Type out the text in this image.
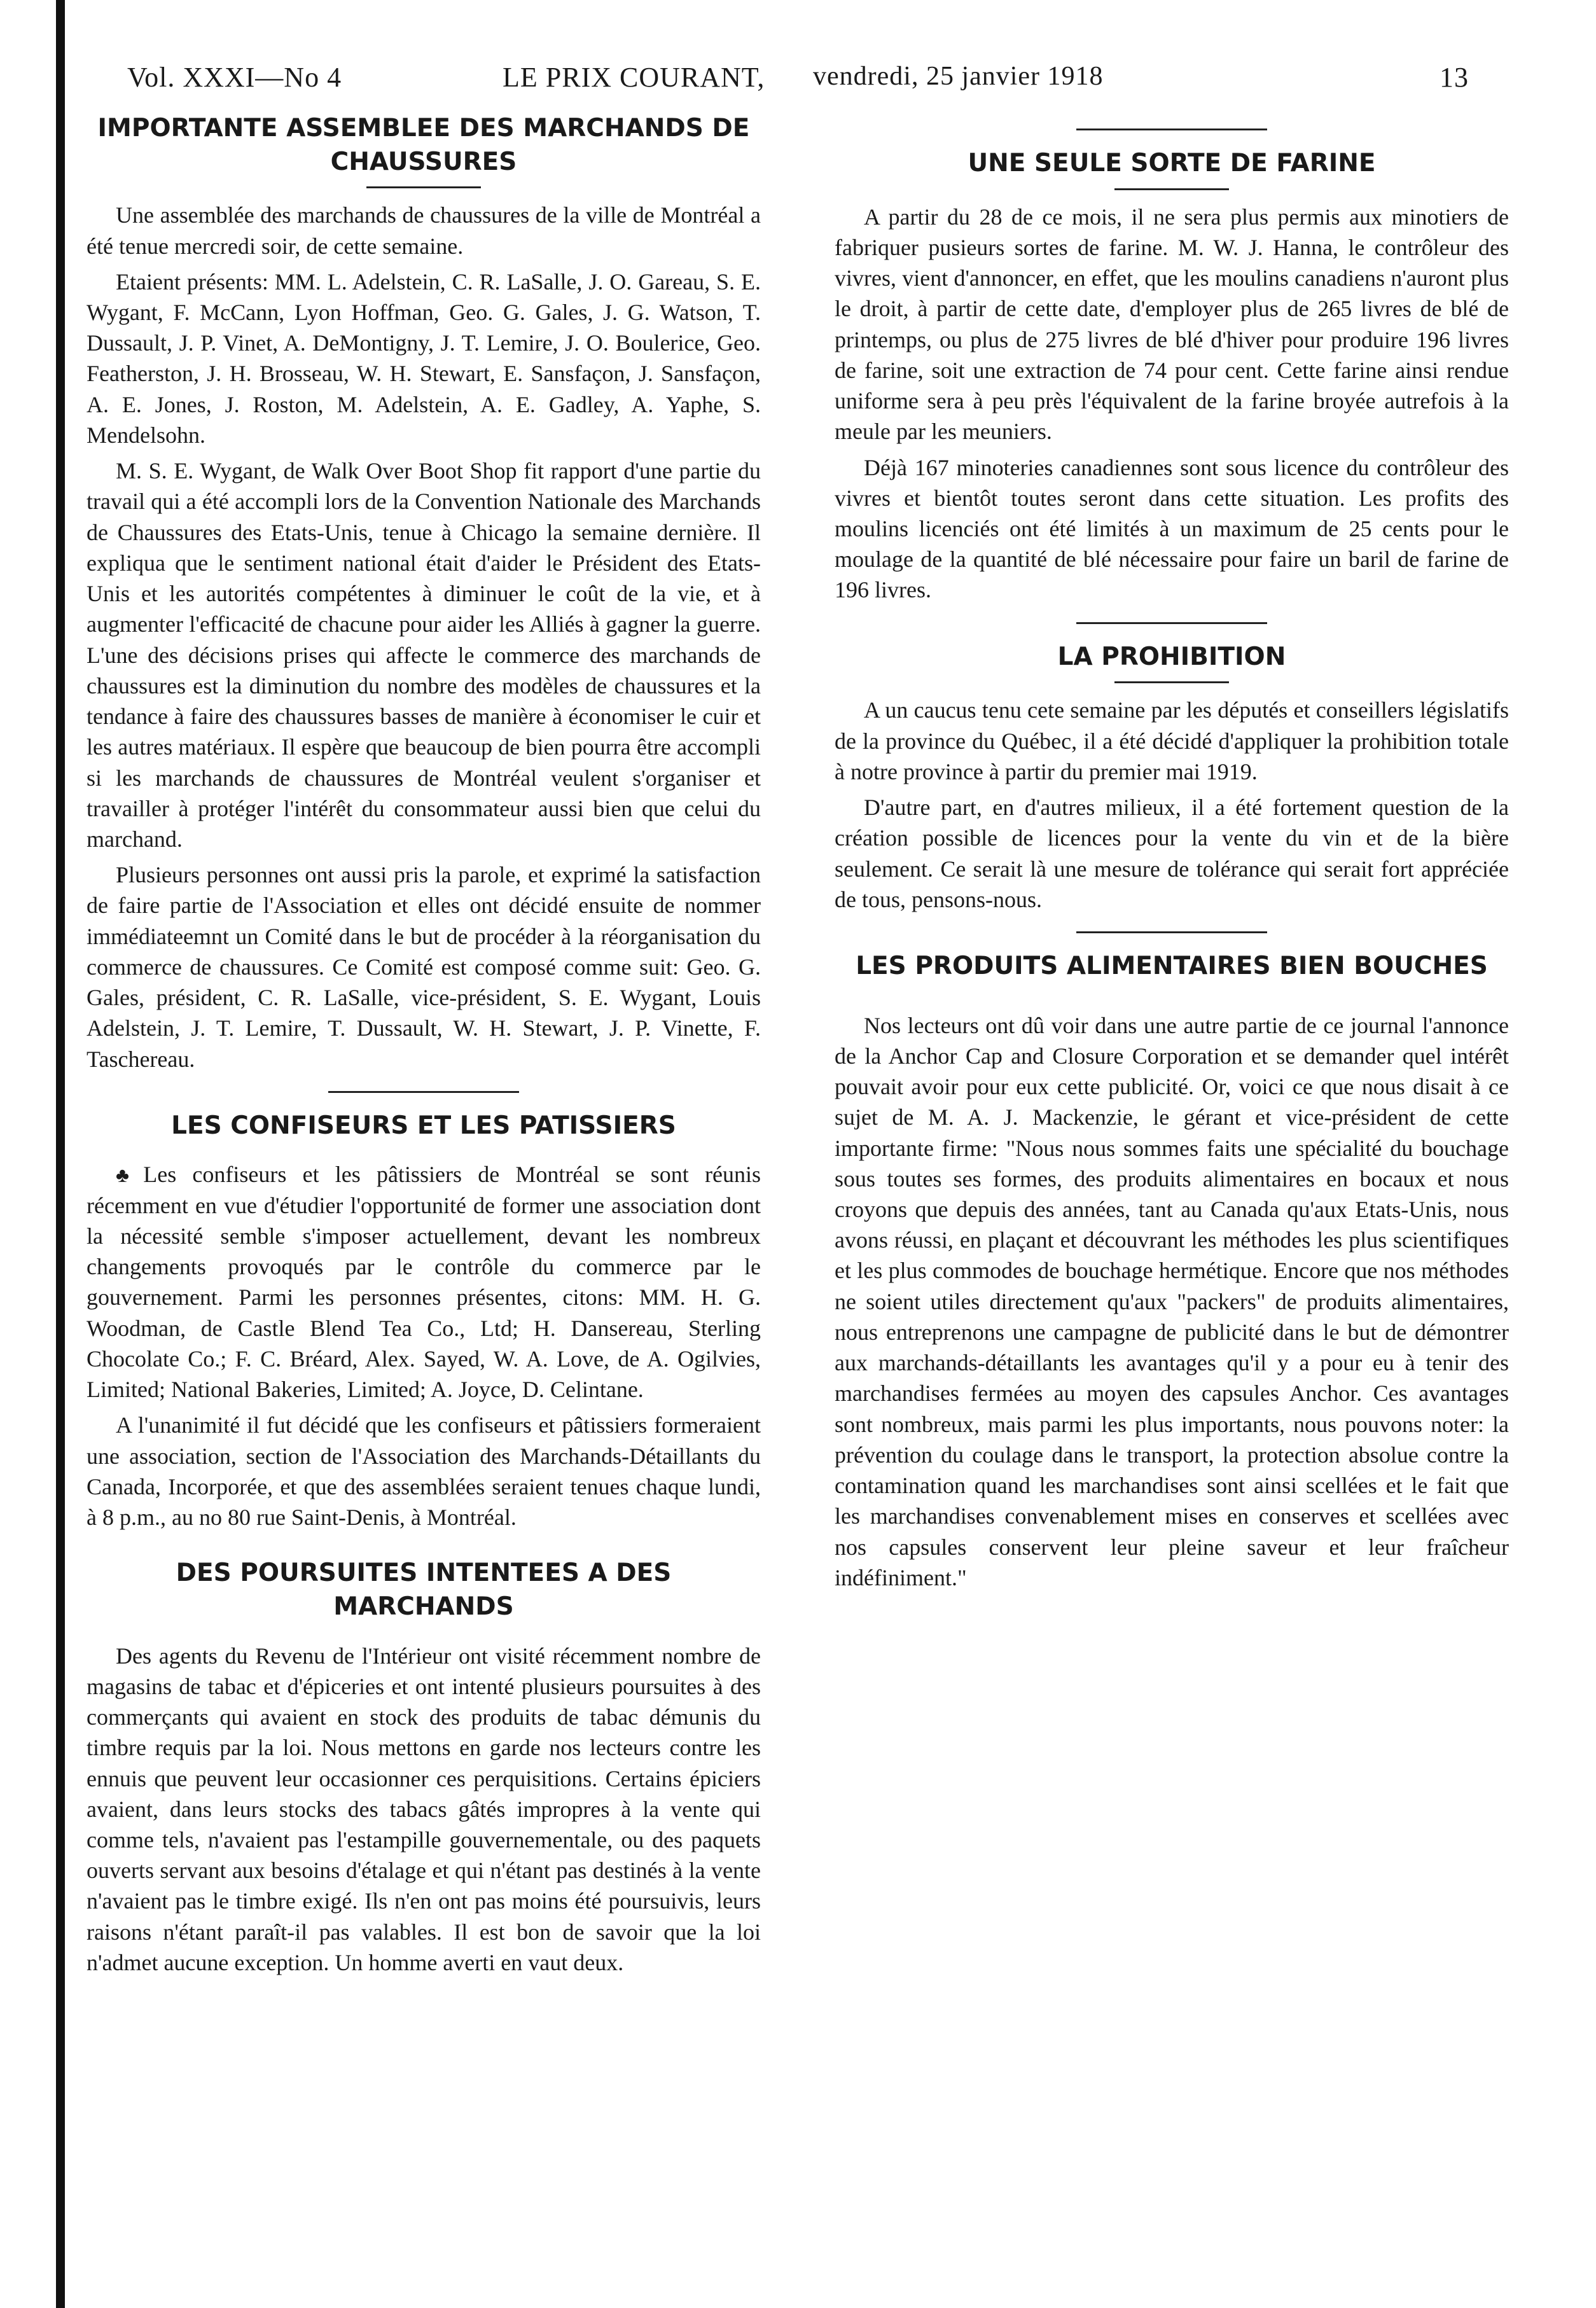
Vol. XXXI—No 4	LE PRIX COURANT, vendredi, 25 janvier 1918	13
IMPORTANTE ASSEMBLEE DES MARCHANDS DE CHAUSSURES

Une assemblée des marchands de chaussures de la ville de Montréal a été tenue mercredi soir, de cette semaine.

Etaient présents: MM. L. Adelstein, C. R. LaSalle, J. O. Gareau, S. E. Wygant, F. McCann, Lyon Hoffman, Geo. G. Gales, J. G. Watson, T. Dussault, J. P. Vinet, A. DeMontigny, J. T. Lemire, J. O. Boulerice, Geo. Featherston, J. H. Brosseau, W. H. Stewart, E. Sansfaçon, J. Sansfaçon, A. E. Jones, J. Roston, M. Adelstein, A. E. Gadley, A. Yaphe, S. Mendelsohn.

M. S. E. Wygant, de Walk Over Boot Shop fit rapport d'une partie du travail qui a été accompli lors de la Convention Nationale des Marchands de Chaussures des Etats-Unis, tenue à Chicago la semaine dernière. Il expliqua que le sentiment national était d'aider le Président des Etats-Unis et les autorités compétentes à diminuer le coût de la vie, et à augmenter l'efficacité de chacune pour aider les Alliés à gagner la guerre. L'une des décisions prises qui affecte le commerce des marchands de chaussures est la diminution du nombre des modèles de chaussures et la tendance à faire des chaussures basses de manière à économiser le cuir et les autres matériaux. Il espère que beaucoup de bien pourra être accompli si les marchands de chaussures de Montréal veulent s'organiser et travailler à protéger l'intérêt du consommateur aussi bien que celui du marchand.

Plusieurs personnes ont aussi pris la parole, et exprimé la satisfaction de faire partie de l'Association et elles ont décidé ensuite de nommer immédiateemnt un Comité dans le but de procéder à la réorganisation du commerce de chaussures. Ce Comité est composé comme suit: Geo. G. Gales, président, C. R. LaSalle, vice-président, S. E. Wygant, Louis Adelstein, J. T. Lemire, T. Dussault, W. H. Stewart, J. P. Vinette, F. Taschereau.

LES CONFISEURS ET LES PATISSIERS

♣ Les confiseurs et les pâtissiers de Montréal se sont réunis récemment en vue d'étudier l'opportunité de former une association dont la nécessité semble s'imposer actuellement, devant les nombreux changements provoqués par le contrôle du commerce par le gouvernement. Parmi les personnes présentes, citons: MM. H. G. Woodman, de Castle Blend Tea Co., Ltd; H. Dansereau, Sterling Chocolate Co.; F. C. Bréard, Alex. Sayed, W. A. Love, de A. Ogilvies, Limited; National Bakeries, Limited; A. Joyce, D. Celintane.

A l'unanimité il fut décidé que les confiseurs et pâtissiers formeraient une association, section de l'Association des Marchands-Détaillants du Canada, Incorporée, et que des assemblées seraient tenues chaque lundi, à 8 p.m., au no 80 rue Saint-Denis, à Montréal.

DES POURSUITES INTENTEES A DES MARCHANDS

Des agents du Revenu de l'Intérieur ont visité récemment nombre de magasins de tabac et d'épiceries et ont intenté plusieurs poursuites à des commerçants qui avaient en stock des produits de tabac démunis du timbre requis par la loi. Nous mettons en garde nos lecteurs contre les ennuis que peuvent leur occasionner ces perquisitions. Certains épiciers avaient, dans leurs stocks des tabacs gâtés impropres à la vente qui comme tels, n'avaient pas l'estampille gouvernementale, ou des paquets ouverts servant aux besoins d'étalage et qui n'étant pas destinés à la vente n'avaient pas le timbre exigé. Ils n'en ont pas moins été poursuivis, leurs raisons n'étant paraît-il pas valables. Il est bon de savoir que la loi n'admet aucune exception. Un homme averti en vaut deux.

UNE SEULE SORTE DE FARINE

A partir du 28 de ce mois, il ne sera plus permis aux minotiers de fabriquer pusieurs sortes de farine. M. W. J. Hanna, le contrôleur des vivres, vient d'annoncer, en effet, que les moulins canadiens n'auront plus le droit, à partir de cette date, d'employer plus de 265 livres de blé de printemps, ou plus de 275 livres de blé d'hiver pour produire 196 livres de farine, soit une extraction de 74 pour cent. Cette farine ainsi rendue uniforme sera à peu près l'équivalent de la farine broyée autrefois à la meule par les meuniers.

Déjà 167 minoteries canadiennes sont sous licence du contrôleur des vivres et bientôt toutes seront dans cette situation. Les profits des moulins licenciés ont été limités à un maximum de 25 cents pour le moulage de la quantité de blé nécessaire pour faire un baril de farine de 196 livres.

LA PROHIBITION

A un caucus tenu cete semaine par les députés et conseillers législatifs de la province du Québec, il a été décidé d'appliquer la prohibition totale à notre province à partir du premier mai 1919.

D'autre part, en d'autres milieux, il a été fortement question de la création possible de licences pour la vente du vin et de la bière seulement. Ce serait là une mesure de tolérance qui serait fort appréciée de tous, pensons-nous.

LES PRODUITS ALIMENTAIRES BIEN BOUCHES

Nos lecteurs ont dû voir dans une autre partie de ce journal l'annonce de la Anchor Cap and Closure Corporation et se demander quel intérêt pouvait avoir pour eux cette publicité. Or, voici ce que nous disait à ce sujet de M. A. J. Mackenzie, le gérant et vice-président de cette importante firme: "Nous nous sommes faits une spécialité du bouchage sous toutes ses formes, des produits alimentaires en bocaux et nous croyons que depuis des années, tant au Canada qu'aux Etats-Unis, nous avons réussi, en plaçant et découvrant les méthodes les plus scientifiques et les plus commodes de bouchage hermétique. Encore que nos méthodes ne soient utiles directement qu'aux "packers" de produits alimentaires, nous entreprenons une campagne de publicité dans le but de démontrer aux marchands-détaillants les avantages qu'il y a pour eu à tenir des marchandises fermées au moyen des capsules Anchor. Ces avantages sont nombreux, mais parmi les plus importants, nous pouvons noter: la prévention du coulage dans le transport, la protection absolue contre la contamination quand les marchandises sont ainsi scellées et le fait que les marchandises convenablement mises en conserves et scellées avec nos capsules conservent leur pleine saveur et leur fraîcheur indéfiniment."
